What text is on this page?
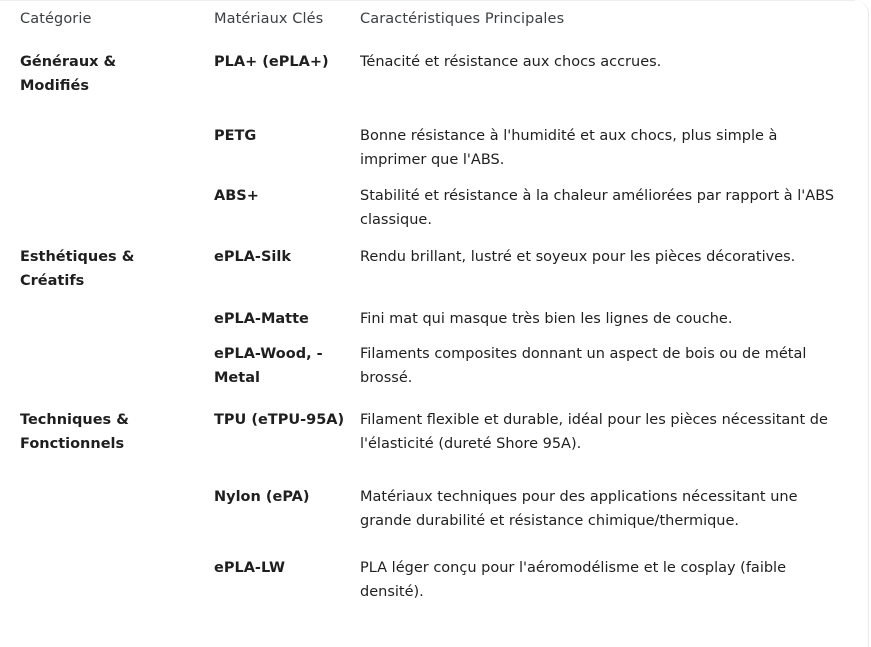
Catégorie	Matériaux Clés	Caractéristiques Principales
Généraux & Modifiés	PLA+ (ePLA+)	Ténacité et résistance aux chocs accrues.
	PETG	Bonne résistance à l'humidité et aux chocs, plus simple à imprimer que l'ABS.
	ABS+	Stabilité et résistance à la chaleur améliorées par rapport à l'ABS classique.
Esthétiques & Créatifs	ePLA-Silk	Rendu brillant, lustré et soyeux pour les pièces décoratives.
	ePLA-Matte	Fini mat qui masque très bien les lignes de couche.
	ePLA-Wood, -Metal	Filaments composites donnant un aspect de bois ou de métal brossé.
Techniques & Fonctionnels	TPU (eTPU-95A)	Filament flexible et durable, idéal pour les pièces nécessitant de l'élasticité (dureté Shore 95A).
	Nylon (ePA)	Matériaux techniques pour des applications nécessitant une grande durabilité et résistance chimique/thermique.
	ePLA-LW	PLA léger conçu pour l'aéromodélisme et le cosplay (faible densité).
